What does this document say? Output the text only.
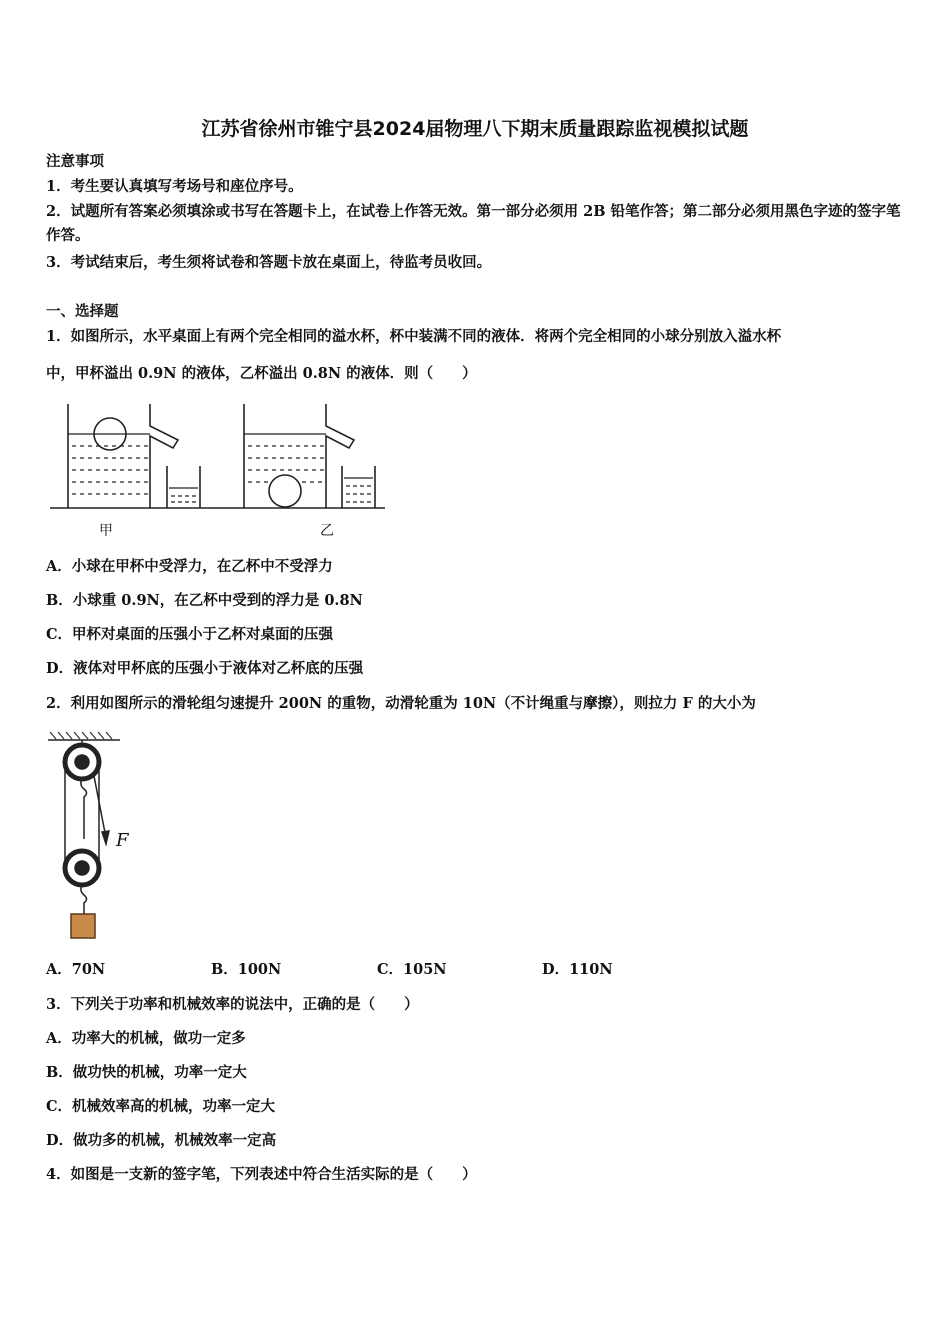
江苏省徐州市锥宁县2024届物理八下期末质量跟踪监视模拟试题
注意事项
1．考生要认真填写考场号和座位序号。
2．试题所有答案必须填涂或书写在答题卡上，在试卷上作答无效。第一部分必须用 2B 铅笔作答；第二部分必须用黑色字迹的签字笔作答。
3．考试结束后，考生须将试卷和答题卡放在桌面上，待监考员收回。
一、选择题
1．如图所示，水平桌面上有两个完全相同的溢水杯，杯中装满不同的液体．将两个完全相同的小球分别放入溢水杯
中，甲杯溢出 0.9N 的液体，乙杯溢出 0.8N 的液体．则（　　）
甲	乙
A．小球在甲杯中受浮力，在乙杯中不受浮力
B．小球重 0.9N，在乙杯中受到的浮力是 0.8N
C．甲杯对桌面的压强小于乙杯对桌面的压强
D．液体对甲杯底的压强小于液体对乙杯底的压强
2．利用如图所示的滑轮组匀速提升 200N 的重物，动滑轮重为 10N（不计绳重与摩擦），则拉力 F 的大小为
F
A．70N	B．100N	C．105N	D．110N
3．下列关于功率和机械效率的说法中，正确的是（　　）
A．功率大的机械，做功一定多
B．做功快的机械，功率一定大
C．机械效率高的机械，功率一定大
D．做功多的机械，机械效率一定高
4．如图是一支新的签字笔，下列表述中符合生活实际的是（　　）
